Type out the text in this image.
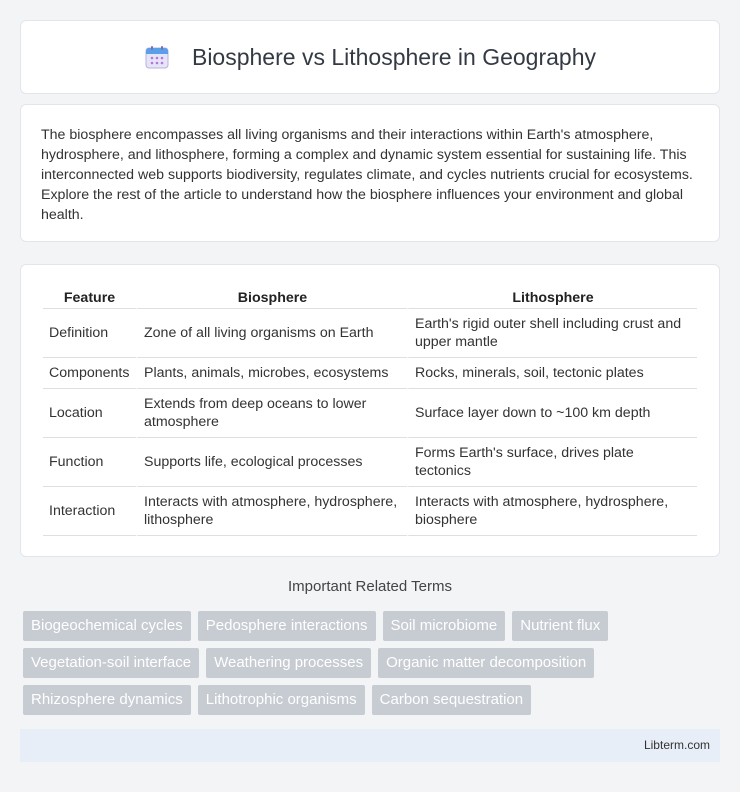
Biosphere vs Lithosphere in Geography

The biosphere encompasses all living organisms and their interactions within Earth's atmosphere, hydrosphere, and lithosphere, forming a complex and dynamic system essential for sustaining life. This interconnected web supports biodiversity, regulates climate, and cycles nutrients crucial for ecosystems. Explore the rest of the article to understand how the biosphere influences your environment and global health.

Feature	Biosphere	Lithosphere
Definition	Zone of all living organisms on Earth	Earth's rigid outer shell including crust and upper mantle
Components	Plants, animals, microbes, ecosystems	Rocks, minerals, soil, tectonic plates
Location	Extends from deep oceans to lower atmosphere	Surface layer down to ~100 km depth
Function	Supports life, ecological processes	Forms Earth's surface, drives plate tectonics
Interaction	Interacts with atmosphere, hydrosphere, lithosphere	Interacts with atmosphere, hydrosphere, biosphere
Important Related Terms
Biogeochemical cycles	Pedosphere interactions	Soil microbiome	Nutrient flux
Vegetation-soil interface	Weathering processes	Organic matter decomposition
Rhizosphere dynamics	Lithotrophic organisms	Carbon sequestration
Libterm.com
